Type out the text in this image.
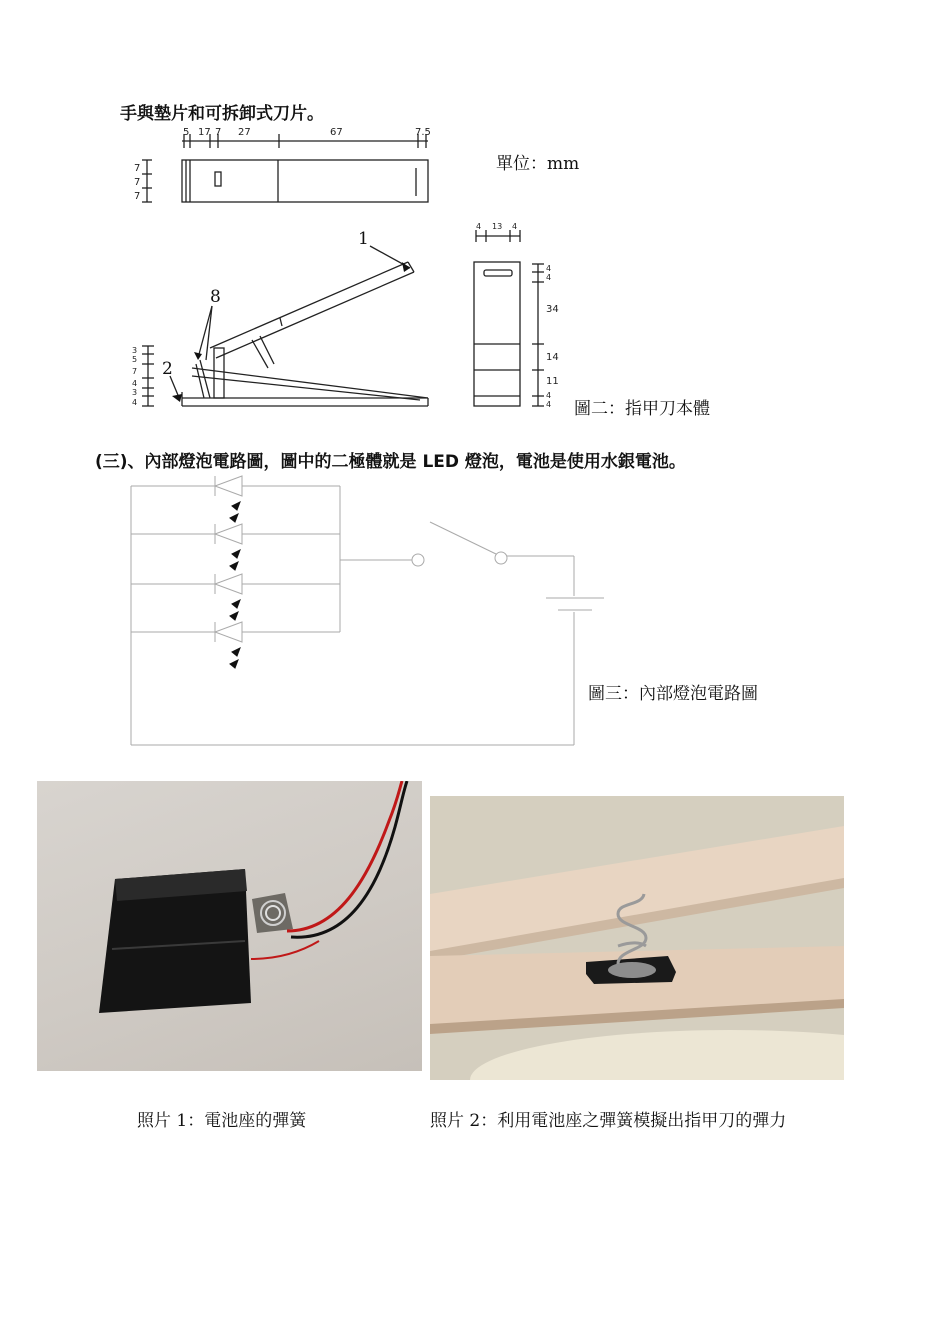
手與墊片和可拆卸式刀片。
5 17 7 27	67	7.5
7
7
7
3
5
7
4
3
4
4 13 4
4
4
34
14
11
4
4
1
8
2
單位：mm
圖二：指甲刀本體
(三)、內部燈泡電路圖，圖中的二極體就是 LED 燈泡，電池是使用水銀電池。
圖三：內部燈泡電路圖
照片 1：電池座的彈簧	照片 2：利用電池座之彈簧模擬出指甲刀的彈力
